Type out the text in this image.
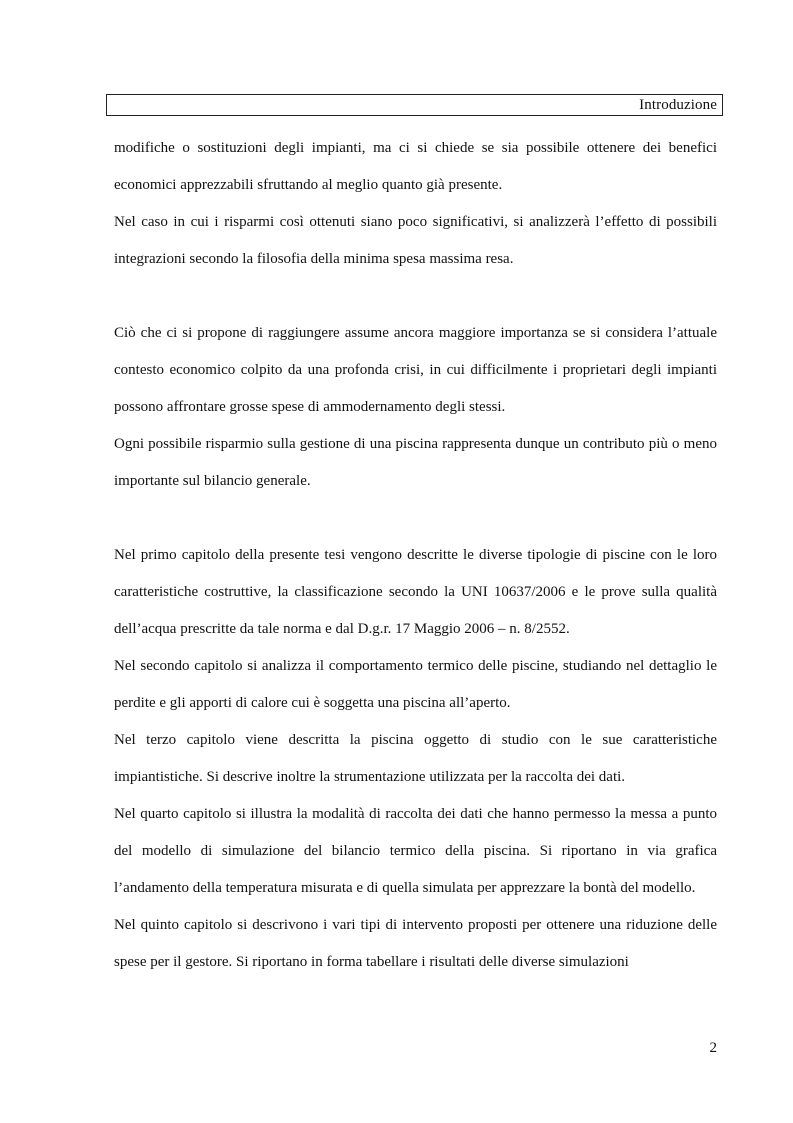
Introduzione

modifiche o sostituzioni degli impianti, ma ci si chiede se sia possibile ottenere dei benefici economici apprezzabili sfruttando al meglio quanto già presente.

Nel caso in cui i risparmi così ottenuti siano poco significativi, si analizzerà l’effetto di possibili integrazioni secondo la filosofia della minima spesa massima resa.

Ciò che ci si propone di raggiungere assume ancora maggiore importanza se si considera l’attuale contesto economico colpito da una profonda crisi, in cui difficilmente i proprietari degli impianti possono affrontare grosse spese di ammodernamento degli stessi.

Ogni possibile risparmio sulla gestione di una piscina rappresenta dunque un contributo più o meno importante sul bilancio generale.

Nel primo capitolo della presente tesi vengono descritte le diverse tipologie di piscine con le loro caratteristiche costruttive, la classificazione secondo la UNI 10637/2006 e le prove sulla qualità dell’acqua prescritte da tale norma e dal D.g.r. 17 Maggio 2006 – n. 8/2552.

Nel secondo capitolo si analizza il comportamento termico delle piscine, studiando nel dettaglio le perdite e gli apporti di calore cui è soggetta una piscina all’aperto.

Nel terzo capitolo viene descritta la piscina oggetto di studio con le sue caratteristiche impiantistiche. Si descrive inoltre la strumentazione utilizzata per la raccolta dei dati.

Nel quarto capitolo si illustra la modalità di raccolta dei dati che hanno permesso la messa a punto del modello di simulazione del bilancio termico della piscina. Si riportano in via grafica l’andamento della temperatura misurata e di quella simulata per apprezzare la bontà del modello.

Nel quinto capitolo si descrivono i vari tipi di intervento proposti per ottenere una riduzione delle spese per il gestore. Si riportano in forma tabellare i risultati delle diverse simulazioni

2
